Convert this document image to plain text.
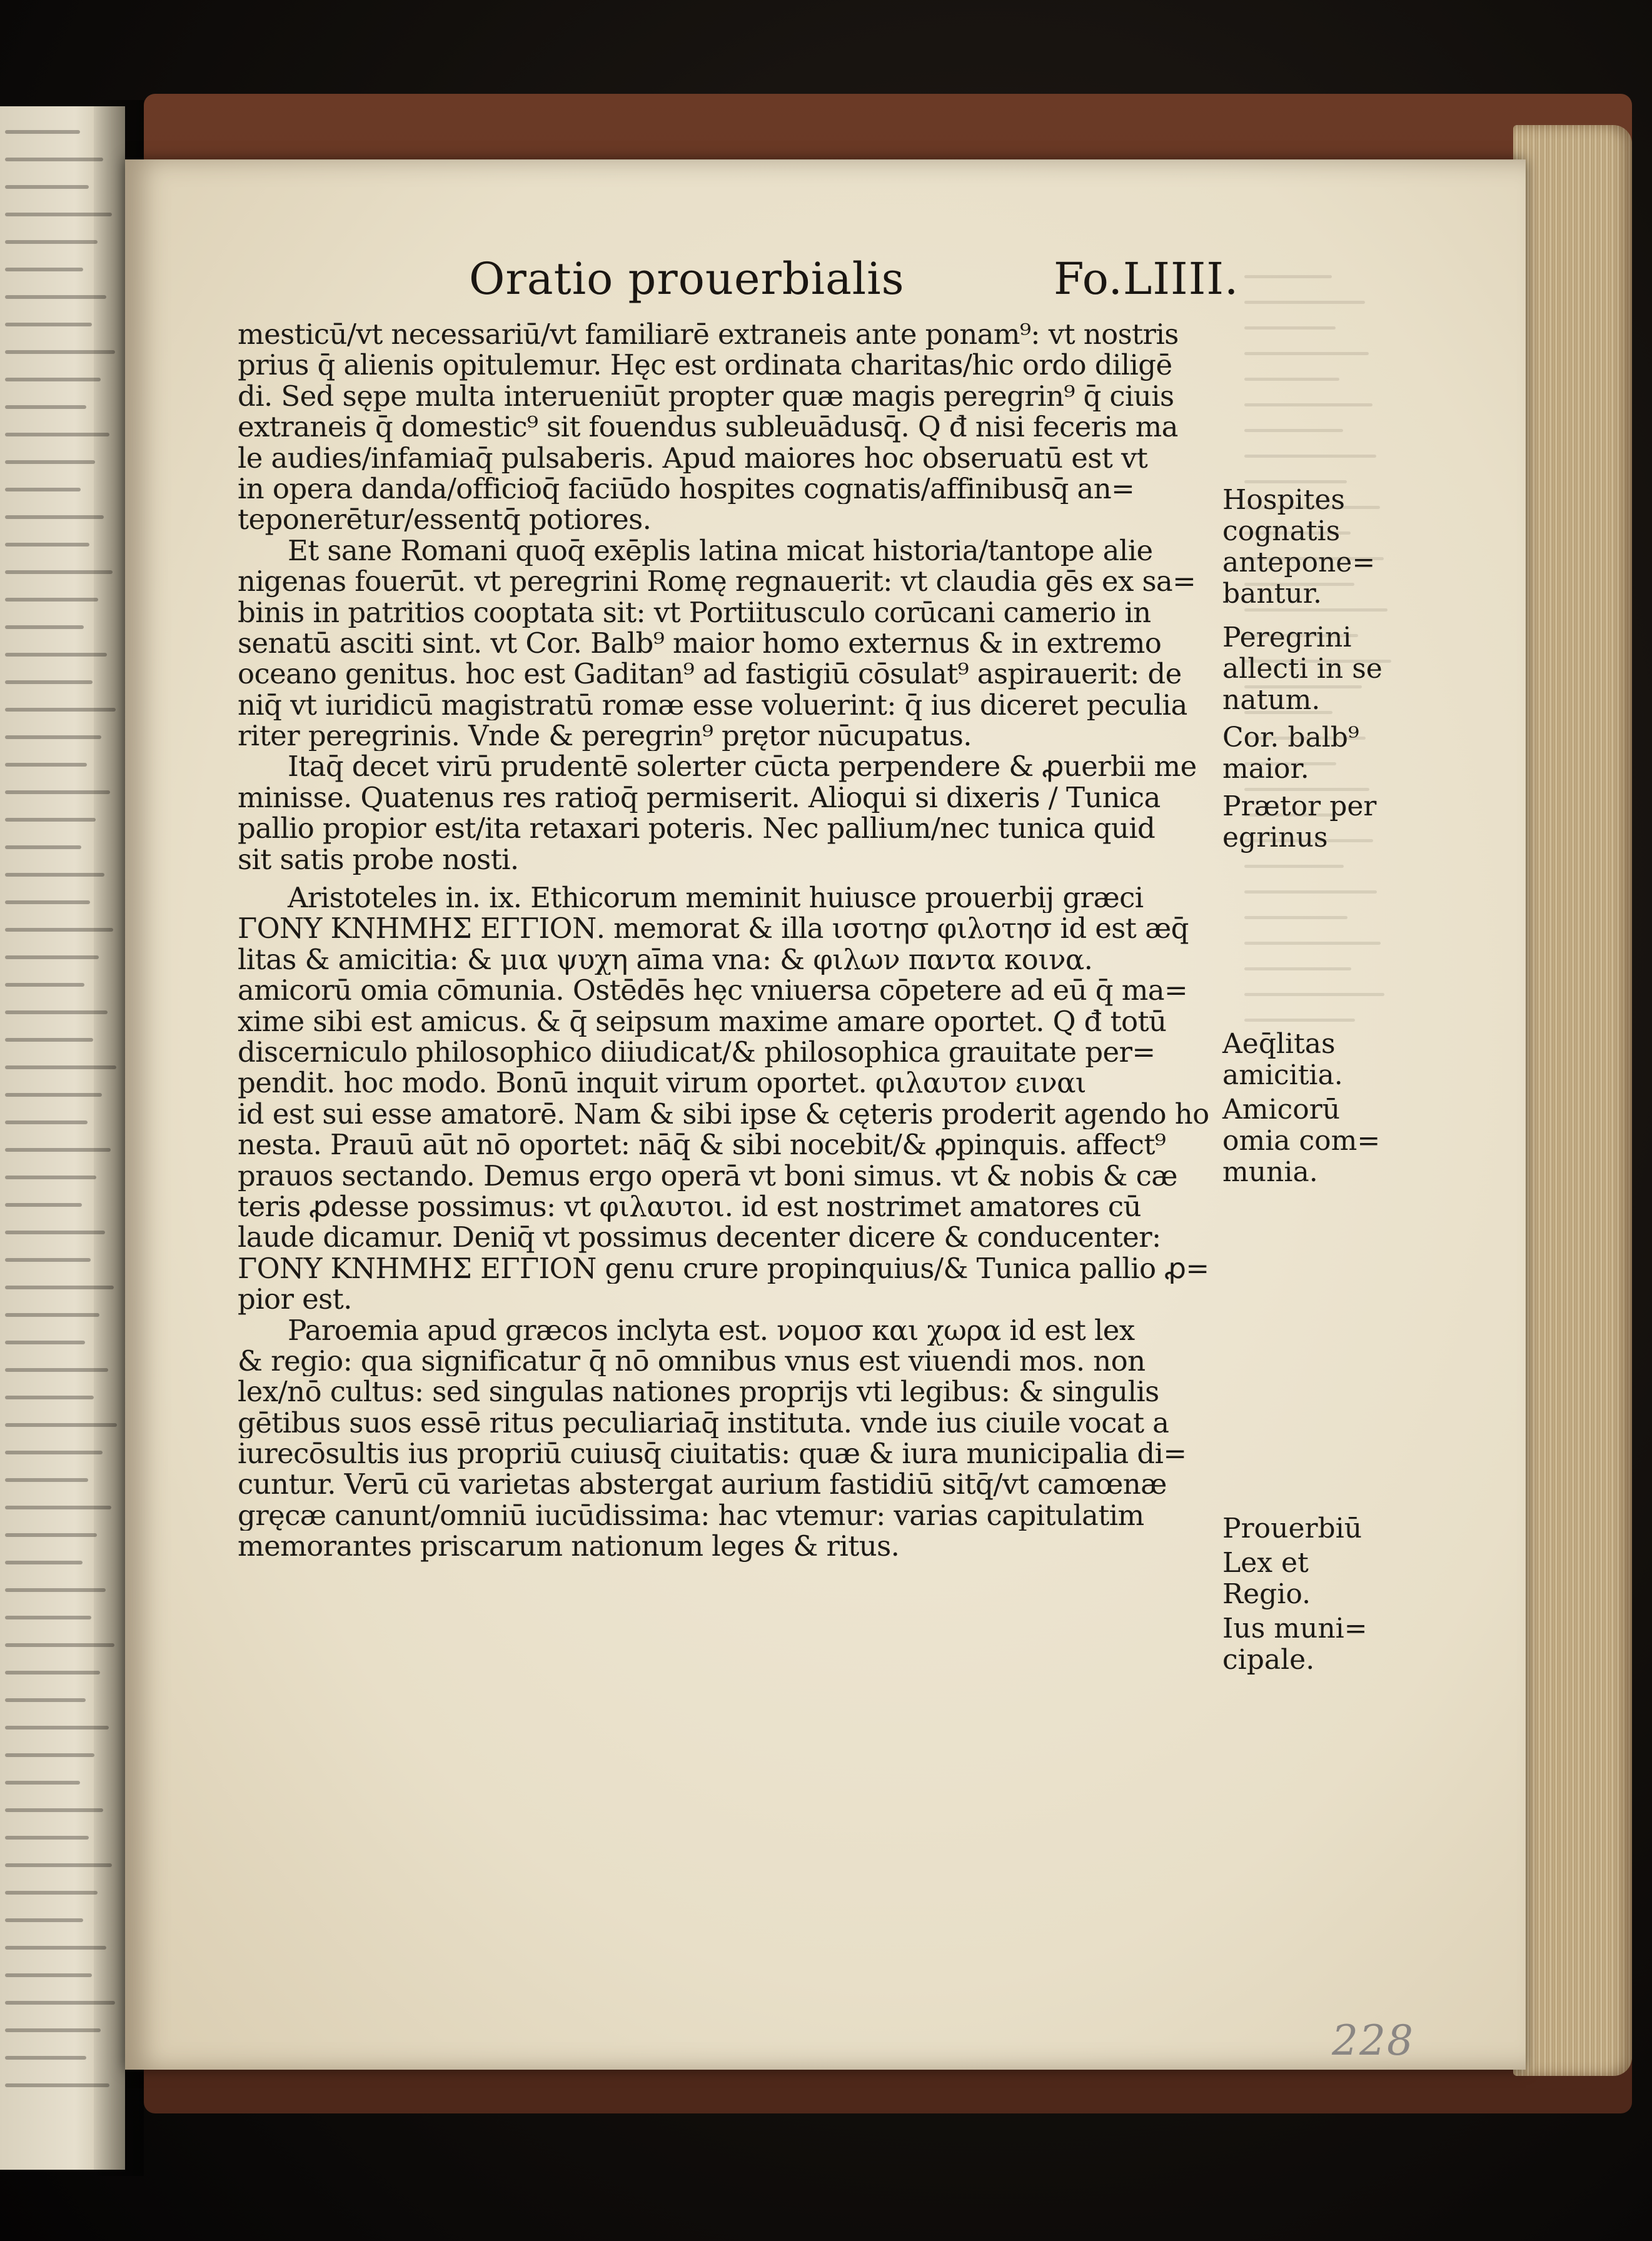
Oratio prouerbialis	Fo.LIIII.
mesticū/vt necessariū/vt familiarē extraneis ante ponam⁹: vt nostris
prius q̄ alienis opitulemur. Hęc est ordinata charitas/hic ordo diligē
di. Sed sępe multa interueniūt propter quæ magis peregrin⁹ q̄ ciuis
extraneis q̄ domestic⁹ sit fouendus subleuādusq̄. Q đ nisi feceris ma
le audies/infamiaq̄ pulsaberis. Apud maiores hoc obseruatū est vt
in opera danda/officioq̄ faciūdo hospites cognatis/affinibusq̄ an=
teponerētur/essentq̄ potiores.
Et sane Romani quoq̄ exēplis latina micat historia/tantope alie
nigenas fouerūt. vt peregrini Romę regnauerit: vt claudia gēs ex sa=
binis in patritios cooptata sit: vt Portiitusculo corūcani camerio in
senatū asciti sint. vt Cor. Balb⁹ maior homo externus & in extremo
oceano genitus. hoc est Gaditan⁹ ad fastigiū cōsulat⁹ aspirauerit: de
niq̄ vt iuridicū magistratū romæ esse voluerint: q̄ ius diceret peculia
riter peregrinis. Vnde & peregrin⁹ prętor nūcupatus.
Itaq̄ decet virū prudentē solerter cūcta perpendere & ꝓuerbii me
minisse. Quatenus res ratioq̄ permiserit. Alioqui si dixeris / Tunica
pallio propior est/ita retaxari poteris. Nec pallium/nec tunica quid
sit satis probe nosti.
Aristoteles in. ix. Ethicorum meminit huiusce prouerbij græci
ΓΟΝΥ ΚΝΗΜΗΣ ΕΓΓΙΟΝ. memorat & illa ισοτησ φιλοτησ id est æq̄
litas & amicitia: & μια ψυχη aīma vna: & φιλων παντα κοινα.
amicorū omia cōmunia. Ostēdēs hęc vniuersa cōpetere ad eū q̄ ma=
xime sibi est amicus. & q̄ seipsum maxime amare oportet. Q đ totū
discerniculo philosophico diiudicat/& philosophica grauitate per=
pendit. hoc modo. Bonū inquit virum oportet. φιλαυτον ειναι
id est sui esse amatorē. Nam & sibi ipse & cęteris proderit agendo ho
nesta. Prauū aūt nō oportet: nāq̄ & sibi nocebit/& ꝓpinquis. affect⁹
prauos sectando. Demus ergo operā vt boni simus. vt & nobis & cæ
teris ꝓdesse possimus: vt φιλαυτοι. id est nostrimet amatores cū
laude dicamur. Deniq̄ vt possimus decenter dicere & conducenter:
ΓΟΝΥ ΚΝΗΜΗΣ ΕΓΓΙΟΝ genu crure propinquius/& Tunica pallio ꝓ=
pior est.
Paroemia apud græcos inclyta est. νομοσ και χωρα id est lex
& regio: qua significatur q̄ nō omnibus vnus est viuendi mos. non
lex/nō cultus: sed singulas nationes proprijs vti legibus: & singulis
gētibus suos essē ritus peculiariaq̄ instituta. vnde ius ciuile vocat a
iurecōsultis ius propriū cuiusq̄ ciuitatis: quæ & iura municipalia di=
cuntur. Verū cū varietas abstergat aurium fastidiū sitq̄/vt camœnæ
gręcæ canunt/omniū iucūdissima: hac vtemur: varias capitulatim
memorantes priscarum nationum leges & ritus.
Hospites
cognatis
antepone=
bantur.
Peregrini
allecti in se
natum.
Cor. balb⁹
maior.
Prætor per
egrinus
Aeq̄litas
amicitia.
Amicorū
omia com=
munia.
Prouerbiū
Lex et
Regio.
Ius muni=
cipale.
228
